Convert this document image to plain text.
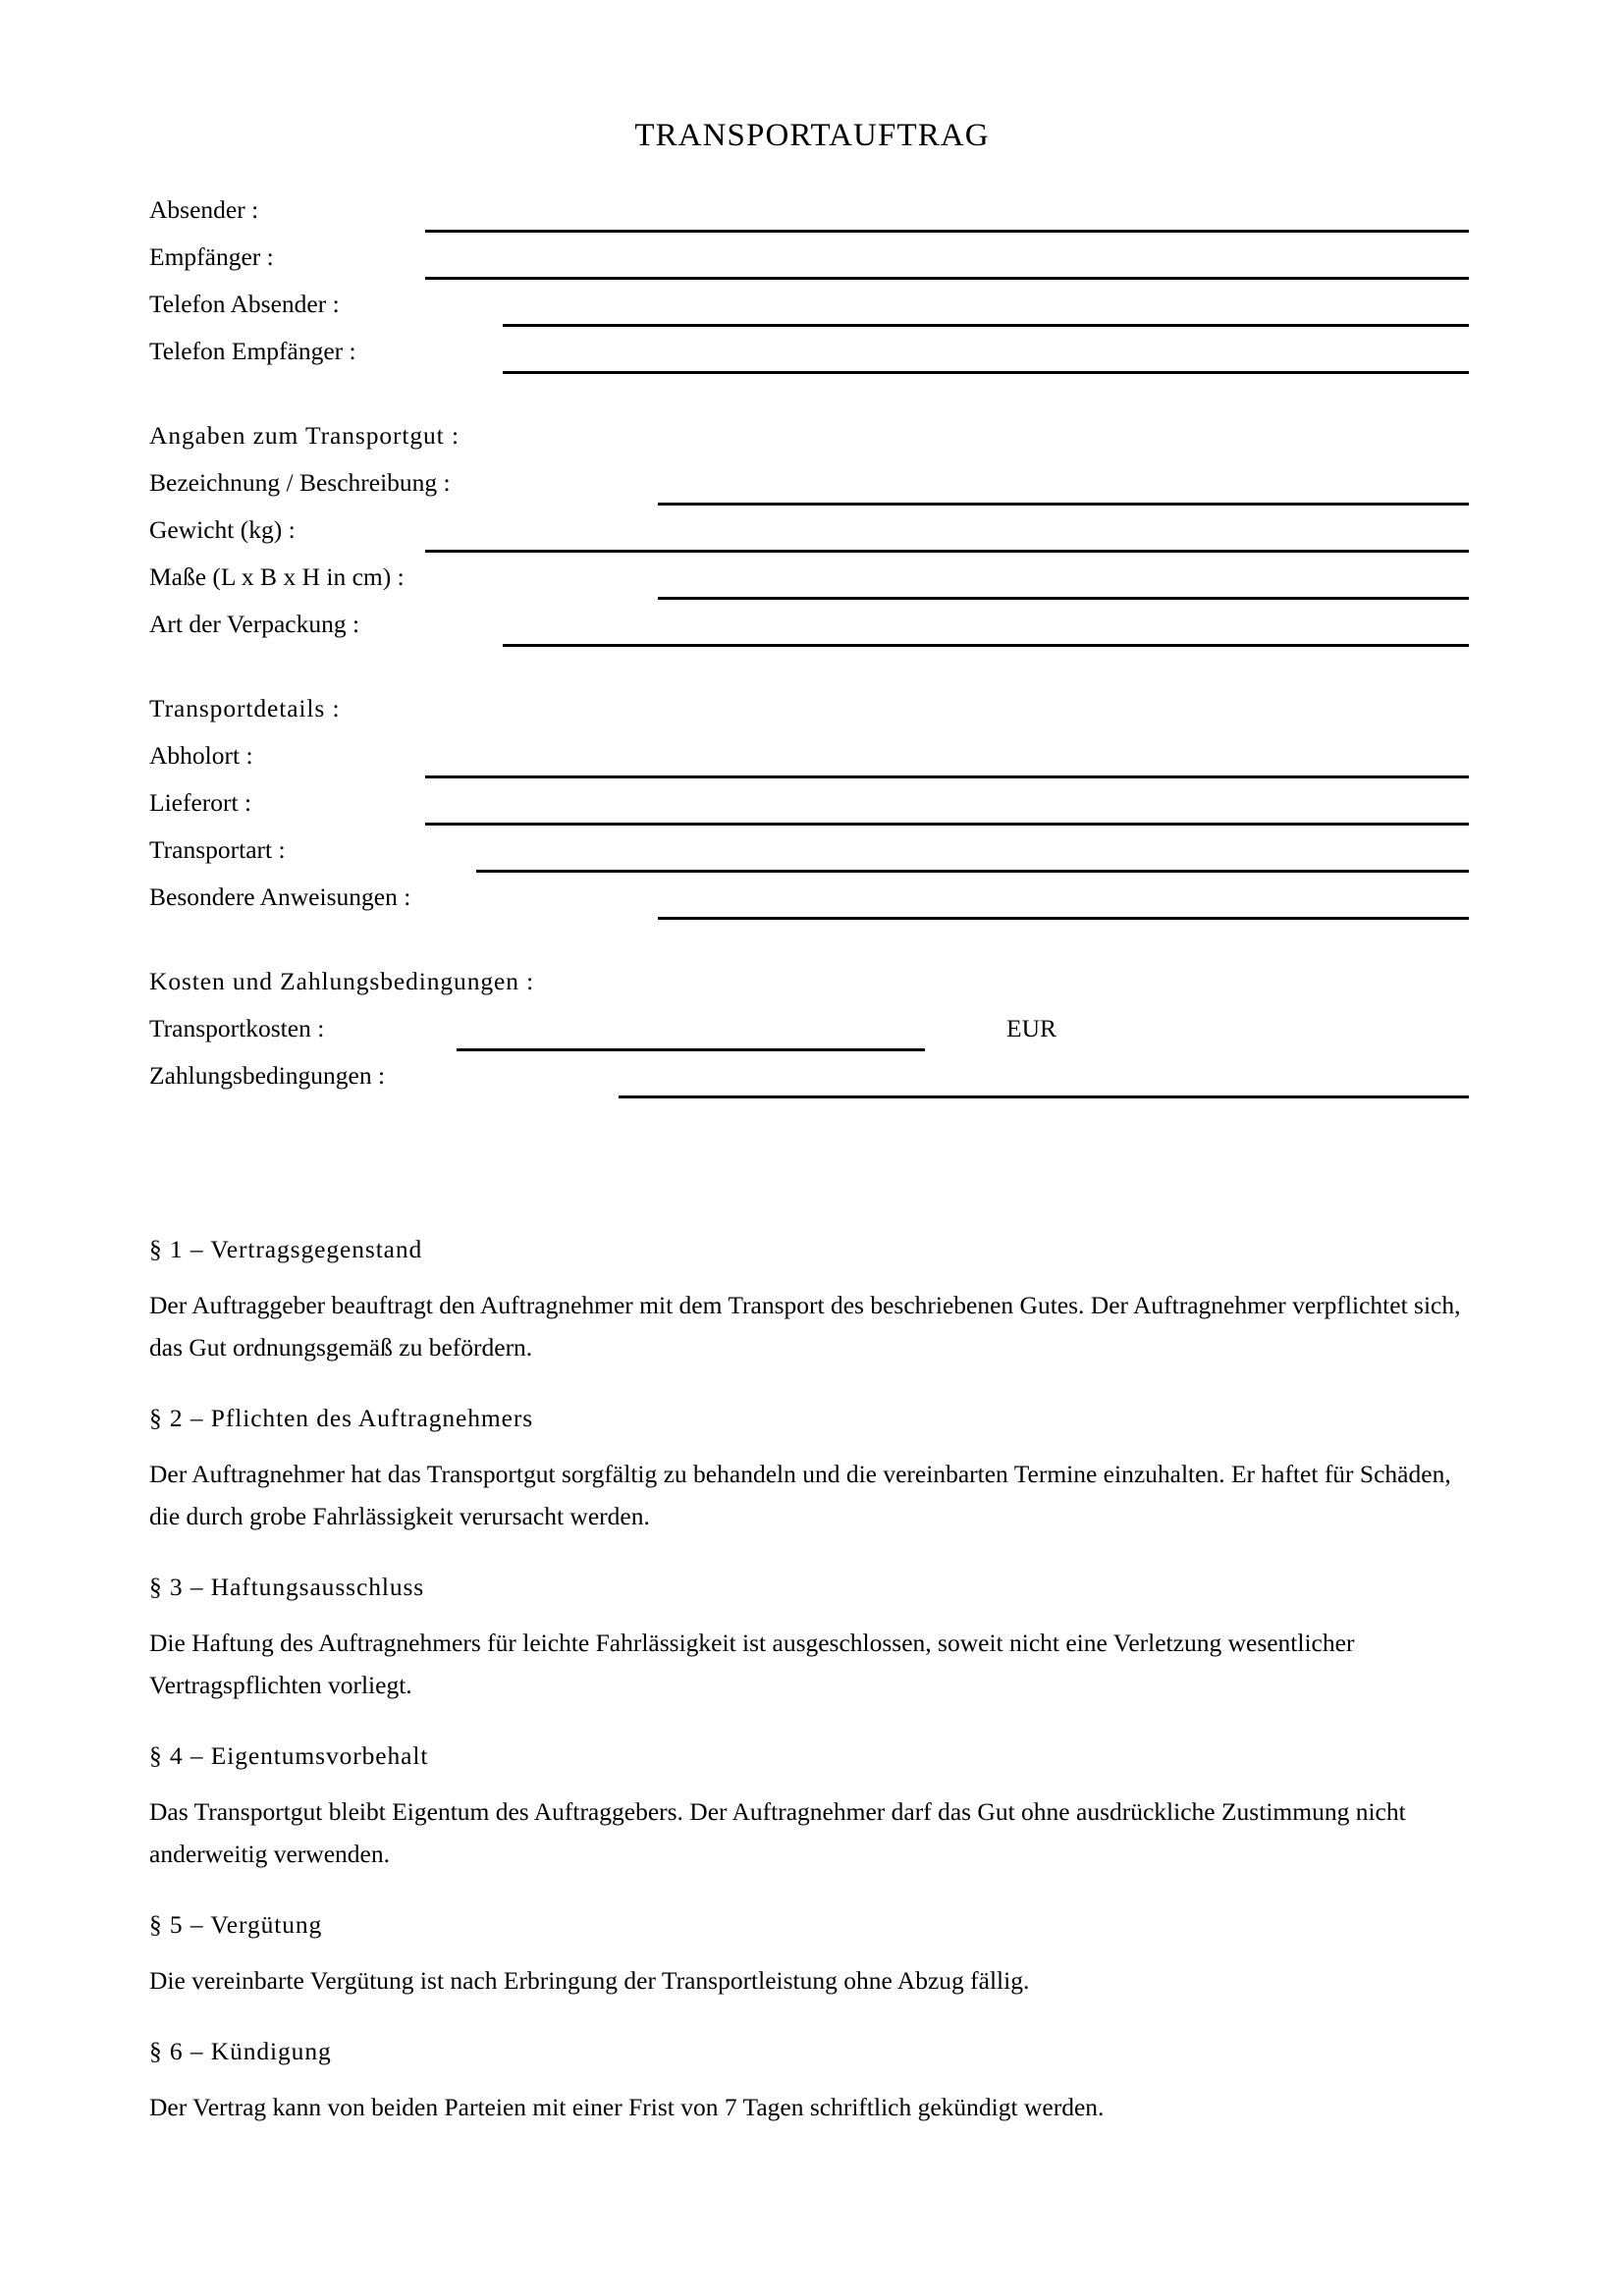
TRANSPORTAUFTRAG
Absender :
Empfänger :
Telefon Absender :
Telefon Empfänger :
Angaben zum Transportgut :
Bezeichnung / Beschreibung :
Gewicht (kg) :
Maße (L x B x H in cm) :
Art der Verpackung :
Transportdetails :
Abholort :
Lieferort :
Transportart :
Besondere Anweisungen :
Kosten und Zahlungsbedingungen :
Transportkosten :	EUR
Zahlungsbedingungen :
§ 1 – Vertragsgegenstand
Der Auftraggeber beauftragt den Auftragnehmer mit dem Transport des beschriebenen Gutes. Der Auftragnehmer verpflichtet sich, das Gut ordnungsgemäß zu befördern.
§ 2 – Pflichten des Auftragnehmers
Der Auftragnehmer hat das Transportgut sorgfältig zu behandeln und die vereinbarten Termine einzuhalten. Er haftet für Schäden, die durch grobe Fahrlässigkeit verursacht werden.
§ 3 – Haftungsausschluss
Die Haftung des Auftragnehmers für leichte Fahrlässigkeit ist ausgeschlossen, soweit nicht eine Verletzung wesentlicher Vertragspflichten vorliegt.
§ 4 – Eigentumsvorbehalt
Das Transportgut bleibt Eigentum des Auftraggebers. Der Auftragnehmer darf das Gut ohne ausdrückliche Zustimmung nicht anderweitig verwenden.
§ 5 – Vergütung
Die vereinbarte Vergütung ist nach Erbringung der Transportleistung ohne Abzug fällig.
§ 6 – Kündigung
Der Vertrag kann von beiden Parteien mit einer Frist von 7 Tagen schriftlich gekündigt werden.
